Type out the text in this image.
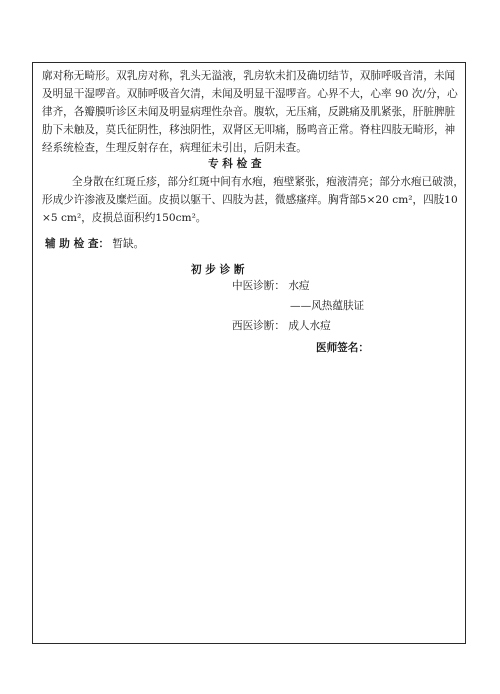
廓对称无畸形。双乳房对称，乳头无溢液，乳房软未扪及确切结节，双肺呼吸音清，未闻
及明显干湿啰音。双肺呼吸音欠清，未闻及明显干湿啰音。心界不大，心率 90 次/分，心
律齐，各瓣膜听诊区未闻及明显病理性杂音。腹软，无压痛，反跳痛及肌紧张，肝脏脾脏
肋下未触及，莫氏征阴性，移浊阴性，双肾区无叩痛，肠鸣音正常。脊柱四肢无畸形，神
经系统检查，生理反射存在，病理征未引出，后阴未查。
专 科 检 查
全身散在红斑丘疹，部分红斑中间有水疱，疱壁紧张，疱液清亮；部分水疱已破溃，
形成少许渗液及糜烂面。皮损以躯干、四肢为甚，微感瘙痒。胸背部5×20 cm²，四肢10
×5 cm²，皮损总面积约150cm²。
辅 助 检 查： 暂缺。
初 步 诊 断
中医诊断： 水痘
——风热蕴肤证
西医诊断： 成人水痘
医师签名：
